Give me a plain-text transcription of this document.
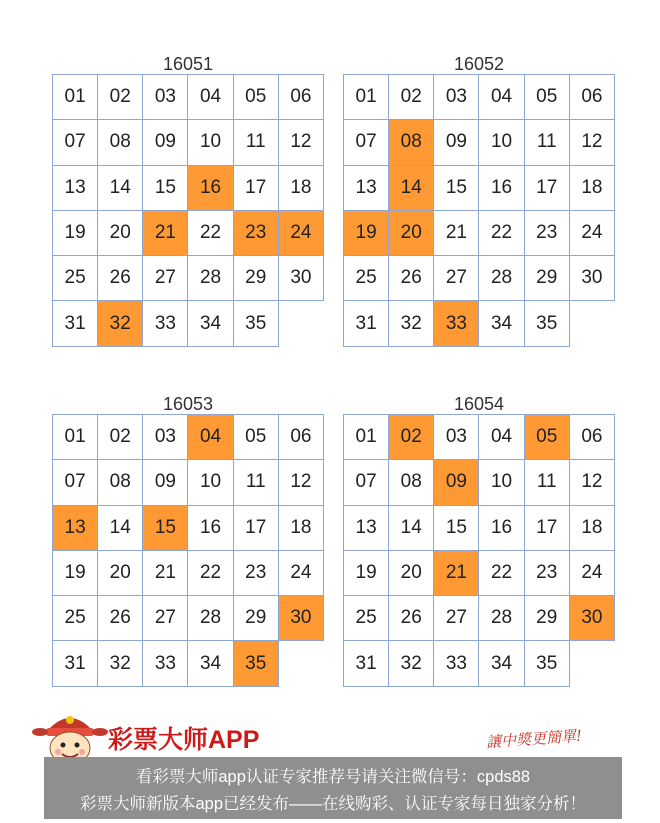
16051
01	02	03	04	05	06
07	08	09	10	11	12
13	14	15	16	17	18
19	20	21	22	23	24
25	26	27	28	29	30
31	32	33	34	35	
16052
01	02	03	04	05	06
07	08	09	10	11	12
13	14	15	16	17	18
19	20	21	22	23	24
25	26	27	28	29	30
31	32	33	34	35	
16053
01	02	03	04	05	06
07	08	09	10	11	12
13	14	15	16	17	18
19	20	21	22	23	24
25	26	27	28	29	30
31	32	33	34	35	
16054
01	02	03	04	05	06
07	08	09	10	11	12
13	14	15	16	17	18
19	20	21	22	23	24
25	26	27	28	29	30
31	32	33	34	35	
彩票大师APP	讓中獎更簡單!
看彩票大师app认证专家推荐号请关注微信号：cpds88
彩票大师新版本app已经发布——在线购彩、认证专家每日独家分析！
